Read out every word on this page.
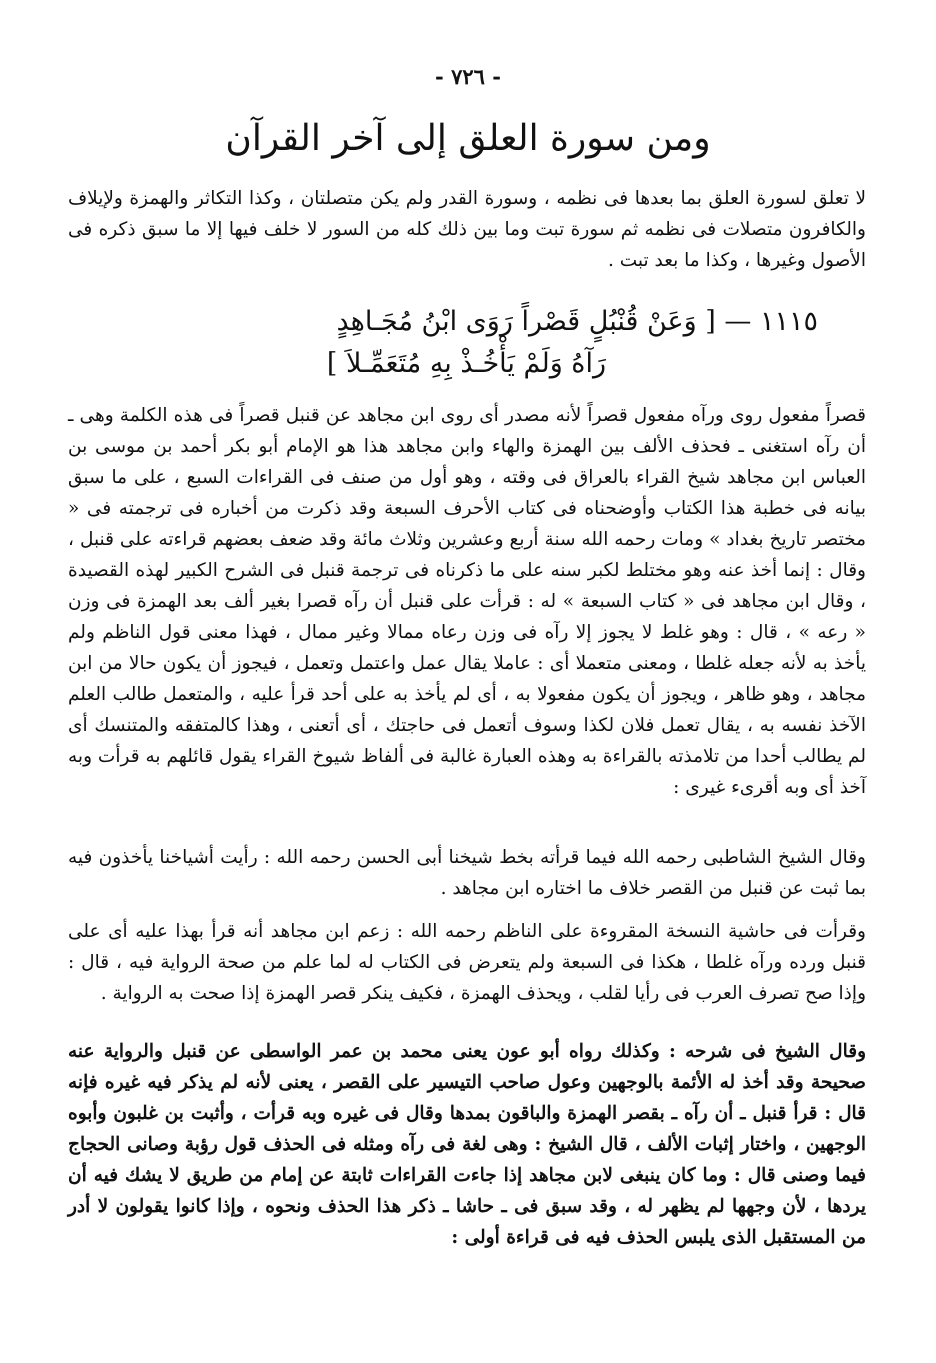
- ٧٢٦ -
ومن سورة العلق إلى آخر القرآن

لا تعلق لسورة العلق بما بعدها فى نظمه ، وسورة القدر ولم يكن متصلتان ، وكذا التكاثر والهمزة ولإيلاف والكافرون متصلات فى نظمه ثم سورة تبت وما بين ذلك كله من السور لا خلف فيها إلا ما سبق ذكره فى الأصول وغيرها ، وكذا ما بعد تبت .

١١١٥ — [ وَعَنْ قُنْبُلٍ قَصْراً رَوَى ابْنُ مُجَـاهِدٍ
رَآهُ وَلَمْ يَأْخُـذْ بِهِ مُتَعَمِّـلاَ ]

قصراً مفعول روى ورآه مفعول قصراً لأنه مصدر أى روى ابن مجاهد عن قنبل قصراً فى هذه الكلمة وهى ـ أن رآه استغنى ـ فحذف الألف بين الهمزة والهاء وابن مجاهد هذا هو الإمام أبو بكر أحمد بن موسى بن العباس ابن مجاهد شيخ القراء بالعراق فى وقته ، وهو أول من صنف فى القراءات السبع ، على ما سبق بيانه فى خطبة هذا الكتاب وأوضحناه فى كتاب الأحرف السبعة وقد ذكرت من أخباره فى ترجمته فى « مختصر تاريخ بغداد » ومات رحمه الله سنة أربع وعشرين وثلاث مائة وقد ضعف بعضهم قراءته على قنبل ، وقال : إنما أخذ عنه وهو مختلط لكبر سنه على ما ذكرناه فى ترجمة قنبل فى الشرح الكبير لهذه القصيدة ، وقال ابن مجاهد فى « كتاب السبعة » له : قرأت على قنبل أن رآه قصرا بغير ألف بعد الهمزة فى وزن « رعه » ، قال : وهو غلط لا يجوز إلا رآه فى وزن رعاه ممالا وغير ممال ، فهذا معنى قول الناظم ولم يأخذ به لأنه جعله غلطا ، ومعنى متعملا أى : عاملا يقال عمل واعتمل وتعمل ، فيجوز أن يكون حالا من ابن مجاهد ، وهو ظاهر ، ويجوز أن يكون مفعولا به ، أى لم يأخذ به على أحد قرأ عليه ، والمتعمل طالب العلم الآخذ نفسه به ، يقال تعمل فلان لكذا وسوف أتعمل فى حاجتك ، أى أتعنى ، وهذا كالمتفقه والمتنسك أى لم يطالب أحدا من تلامذته بالقراءة به وهذه العبارة غالبة فى ألفاظ شيوخ القراء يقول قائلهم به قرأت وبه آخذ أى وبه أقرىء غيرى :

وقال الشيخ الشاطبى رحمه الله فيما قرأته بخط شيخنا أبى الحسن رحمه الله : رأيت أشياخنا يأخذون فيه بما ثبت عن قنبل من القصر خلاف ما اختاره ابن مجاهد .

وقرأت فى حاشية النسخة المقروءة على الناظم رحمه الله : زعم ابن مجاهد أنه قرأ بهذا عليه أى على قنبل ورده ورآه غلطا ، هكذا فى السبعة ولم يتعرض فى الكتاب له لما علم من صحة الرواية فيه ، قال : وإذا صح تصرف العرب فى رأيا لقلب ، ويحذف الهمزة ، فكيف ينكر قصر الهمزة إذا صحت به الرواية .

وقال الشيخ فى شرحه : وكذلك رواه أبو عون يعنى محمد بن عمر الواسطى عن قنبل والرواية عنه صحيحة وقد أخذ له الأئمة بالوجهين وعول صاحب التيسير على القصر ، يعنى لأنه لم يذكر فيه غيره فإنه قال : قرأ قنبل ـ أن رآه ـ بقصر الهمزة والباقون بمدها وقال فى غيره وبه قرأت ، وأثبت بن غلبون وأبوه الوجهين ، واختار إثبات الألف ، قال الشيخ : وهى لغة فى رآه ومثله فى الحذف قول رؤبة وصانى الحجاج فيما وصنى قال : وما كان ينبغى لابن مجاهد إذا جاءت القراءات ثابتة عن إمام من طريق لا يشك فيه أن يردها ، لأن وجهها لم يظهر له ، وقد سبق فى ـ حاشا ـ ذكر هذا الحذف ونحوه ، وإذا كانوا يقولون لا أدر من المستقبل الذى يلبس الحذف فيه فى قراءة أولى :
